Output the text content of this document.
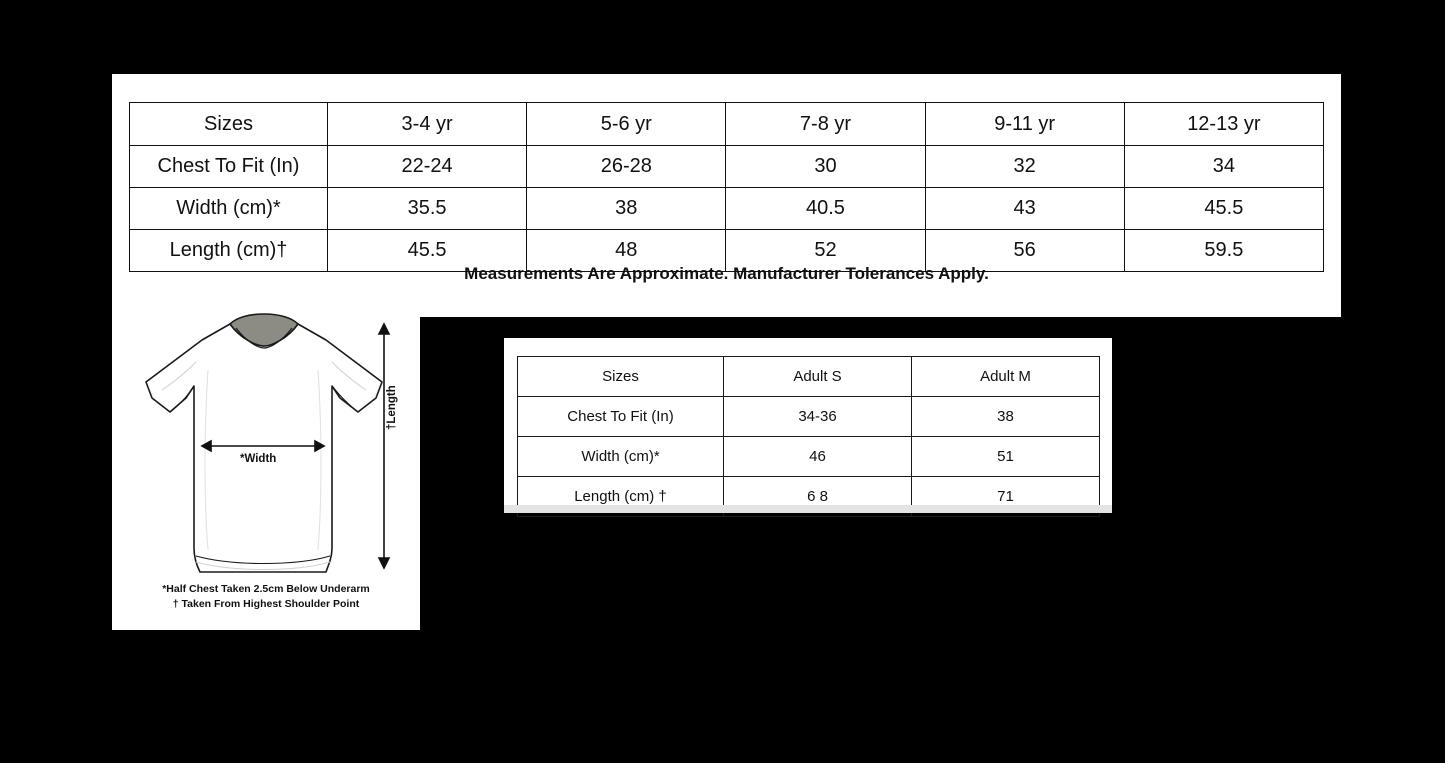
Sizes	3-4 yr	5-6 yr	7-8 yr	9-11 yr	12-13 yr
Chest To Fit (In)	22-24	26-28	30	32	34
Width (cm)*	35.5	38	40.5	43	45.5
Length (cm)†	45.5	48	52	56	59.5
Measurements Are Approximate. Manufacturer Tolerances Apply.
*Width
†Length
*Half Chest Taken 2.5cm Below Underarm
† Taken From Highest Shoulder Point
Sizes	Adult S	Adult M
Chest To Fit (In)	34-36	38
Width (cm)*	46	51
Length (cm) †	6 8	71
